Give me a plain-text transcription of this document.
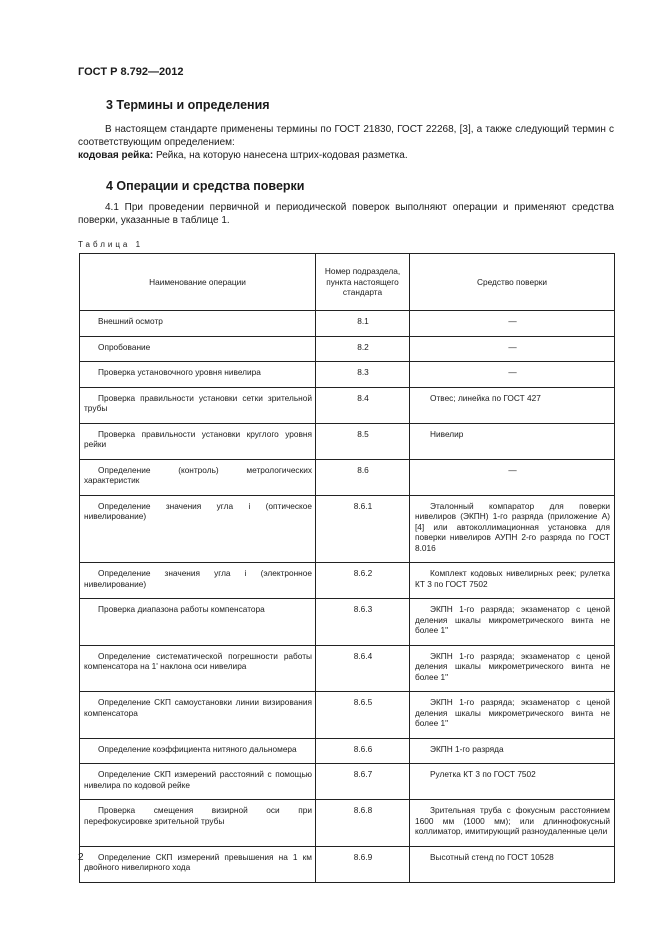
ГОСТ Р 8.792—2012
3 Термины и определения
В настоящем стандарте применены термины по ГОСТ 21830, ГОСТ 22268, [3], а также следующий термин с соответствующим определением:
кодовая рейка: Рейка, на которую нанесена штрих-кодовая разметка.
4 Операции и средства поверки
4.1 При проведении первичной и периодической поверок выполняют операции и применяют средства поверки, указанные в таблице 1.
Таблица 1
Наименование операции	Номер подраздела, пункта настоящего стандарта	Средство поверки

Внешний осмотр	8.1	—

Опробование	8.2	—

Проверка установочного уровня нивелира	8.3	—

Проверка правильности установки сетки зрительной трубы	8.4	Отвес; линейка по ГОСТ 427

Проверка правильности установки круглого уровня рейки	8.5	Нивелир

Определение (контроль) метрологических характеристик	8.6	—

Определение значения угла i (оптическое нивелирование)	8.6.1	Эталонный компаратор для поверки нивелиров (ЭКПН) 1-го разряда (приложение А) [4] или автоколлимационная установка для поверки нивелиров АУПН 2-го разряда по ГОСТ 8.016

Определение значения угла i (электронное нивелирование)	8.6.2	Комплект кодовых нивелирных реек; рулетка КТ 3 по ГОСТ 7502

Проверка диапазона работы компенсатора	8.6.3	ЭКПН 1-го разряда; экзаменатор с ценой деления шкалы микрометрического винта не более 1"

Определение систематической погрешности работы компенсатора на 1' наклона оси нивелира	8.6.4	ЭКПН 1-го разряда; экзаменатор с ценой деления шкалы микрометрического винта не более 1"

Определение СКП самоустановки линии визирования компенсатора	8.6.5	ЭКПН 1-го разряда; экзаменатор с ценой деления шкалы микрометрического винта не более 1"

Определение коэффициента нитяного дальномера	8.6.6	ЭКПН 1-го разряда

Определение СКП измерений расстояний с помощью нивелира по кодовой рейке	8.6.7	Рулетка КТ 3 по ГОСТ 7502

Проверка смещения визирной оси при перефокусировке зрительной трубы	8.6.8	Зрительная труба с фокусным расстоянием 1600 мм (1000 мм); или длиннофокусный коллиматор, имитирующий разноудаленные цели

Определение СКП измерений превышения на 1 км двойного нивелирного хода	8.6.9	Высотный стенд по ГОСТ 10528
2
